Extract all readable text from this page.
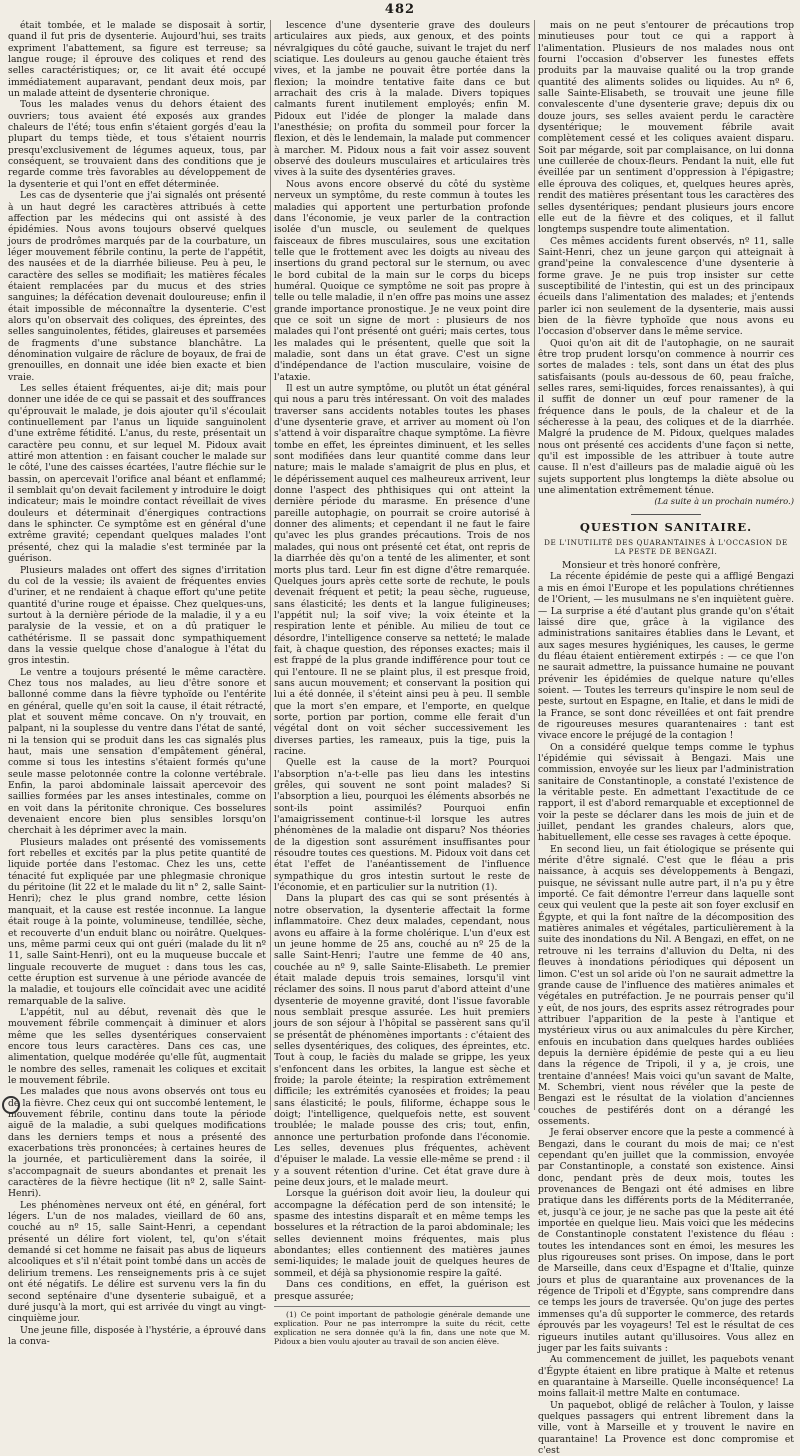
482

était tombée, et le malade se disposait à sortir, quand il fut pris de dysenterie. Aujourd'hui, ses traits expriment l'abattement, sa figure est terreuse; sa langue rouge; il éprouve des coliques et rend des selles caractéristiques; or, ce lit avait été occupé immédiatement auparavant, pendant deux mois, par un malade atteint de dysenterie chronique.

Tous les malades venus du dehors étaient des ouvriers; tous avaient été exposés aux grandes chaleurs de l'été; tous enfin s'étaient gorgés d'eau la plupart du temps tiède, et tous s'étaient nourris presqu'exclusivement de légumes aqueux, tous, par conséquent, se trouvaient dans des conditions que je regarde comme très favorables au développement de la dysenterie et qui l'ont en effet déterminée.

Les cas de dysenterie que j'ai signalés ont présenté à un haut degré les caractères attribués à cette affection par les médecins qui ont assisté à des épidémies. Nous avons toujours observé quelques jours de prodrômes marqués par de la courbature, un léger mouvement fébrile continu, la perte de l'appétit, des nausées et de la diarrhée bilieuse. Peu à peu, le caractère des selles se modifiait; les matières fécales étaient remplacées par du mucus et des stries sanguines; la défécation devenait douloureuse; enfin il était impossible de méconnaître la dysenterie. C'est alors qu'on observait des coliques, des épreintes, des selles sanguinolentes, fétides, glaireuses et parsemées de fragments d'une substance blanchâtre. La dénomination vulgaire de râclure de boyaux, de frai de grenouilles, en donnait une idée bien exacte et bien vraie.

Les selles étaient fréquentes, ai-je dit; mais pour donner une idée de ce qui se passait et des souffrances qu'éprouvait le malade, je dois ajouter qu'il s'écoulait continuellement par l'anus un liquide sanguinolent d'une extrême fétidité. L'anus, du reste, présentait un caractère peu connu, et sur lequel M. Pidoux avait attiré mon attention : en faisant coucher le malade sur le côté, l'une des caisses écartées, l'autre fléchie sur le bassin, on apercevait l'orifice anal béant et enflammé; il semblait qu'on devait facilement y introduire le doigt indicateur; mais le moindre contact réveillait de vives douleurs et déterminait d'énergiques contractions dans le sphincter. Ce symptôme est en général d'une extrême gravité; cependant quelques malades l'ont présenté, chez qui la maladie s'est terminée par la guérison.

Plusieurs malades ont offert des signes d'irritation du col de la vessie; ils avaient de fréquentes envies d'uriner, et ne rendaient à chaque effort qu'une petite quantité d'urine rouge et épaisse. Chez quelques-uns, surtout à la dernière période de la maladie, il y a eu paralysie de la vessie, et on a dû pratiquer le cathétérisme. Il se passait donc sympathiquement dans la vessie quelque chose d'analogue à l'état du gros intestin.

Le ventre a toujours présenté le même caractère. Chez tous nos malades, au lieu d'être sonore et ballonné comme dans la fièvre typhoïde ou l'entérite en général, quelle qu'en soit la cause, il était rétracté, plat et souvent même concave. On n'y trouvait, en palpant, ni la souplesse du ventre dans l'état de santé, ni la tension qui se produit dans les cas signalés plus haut, mais une sensation d'empâtement général, comme si tous les intestins s'étaient formés qu'une seule masse pelotonnée contre la colonne vertébrale. Enfin, la paroi abdominale laissait apercevoir des saillies formées par les anses intestinales, comme on en voit dans la péritonite chronique. Ces bosselures devenaient encore bien plus sensibles lorsqu'on cherchait à les déprimer avec la main.

Plusieurs malades ont présenté des vomissements fort rebelles et excités par la plus petite quantité de liquide portée dans l'estomac. Chez les uns, cette ténacité fut expliquée par une phlegmasie chronique du péritoine (lit 22 et le malade du lit n° 2, salle Saint-Henri); chez le plus grand nombre, cette lésion manquait, et la cause est restée inconnue. La langue était rouge à la pointe, volumineuse, tendillée, sèche, et recouverte d'un enduit blanc ou noirâtre. Quelques-uns, même parmi ceux qui ont guéri (malade du lit nº 11, salle Saint-Henri), ont eu la muqueuse buccale et linguale recouverte de muguet : dans tous les cas, cette éruption est survenue à une période avancée de la maladie, et toujours elle coïncidait avec une acidité remarquable de la salive.

L'appétit, nul au début, revenait dès que le mouvement fébrile commençait à diminuer et alors même que les selles dysentériques conservaient encore tous leurs caractères. Dans ces cas, une alimentation, quelque modérée qu'elle fût, augmentait le nombre des selles, ramenait les coliques et excitait le mouvement fébrile.

Les malades que nous avons observés ont tous eu de la fièvre. Chez ceux qui ont succombé lentement, le mouvement fébrile, continu dans toute la période aiguë de la maladie, a subi quelques modifications dans les derniers temps et nous a présenté des exacerbations très prononcées; à certaines heures de la journée, et particulièrement dans la soirée, il s'accompagnait de sueurs abondantes et prenait les caractères de la fièvre hectique (lit nº 2, salle Saint-Henri).

Les phénomènes nerveux ont été, en général, fort légers. L'un de nos malades, vieillard de 60 ans, couché au nº 15, salle Saint-Henri, a cependant présenté un délire fort violent, tel, qu'on s'était demandé si cet homme ne faisait pas abus de liqueurs alcooliques et s'il n'était point tombé dans un accès de delirium tremens. Les renseignements pris à ce sujet ont été négatifs. Le délire est survenu vers la fin du second septénaire d'une dysenterie subaiguë, et a duré jusqu'à la mort, qui est arrivée du vingt au vingt-cinquième jour.

Une jeune fille, disposée à l'hystérie, a éprouvé dans la conva-

lescence d'une dysenterie grave des douleurs articulaires aux pieds, aux genoux, et des points névralgiques du côté gauche, suivant le trajet du nerf sciatique. Les douleurs au genou gauche étaient très vives, et la jambe ne pouvait être portée dans la flexion; la moindre tentative faite dans ce but arrachait des cris à la malade. Divers topiques calmants furent inutilement employés; enfin M. Pidoux eut l'idée de plonger la malade dans l'anesthésie; on profita du sommeil pour forcer la flexion, et dès le lendemain, la malade put commencer à marcher. M. Pidoux nous a fait voir assez souvent observé des douleurs musculaires et articulaires très vives à la suite des dysentéries graves.

Nous avons encore observé du côté du système nerveux un symptôme, du reste commun à toutes les maladies qui apportent une perturbation profonde dans l'économie, je veux parler de la contraction isolée d'un muscle, ou seulement de quelques faisceaux de fibres musculaires, sous une excitation telle que le frottement avec les doigts au niveau des insertions du grand pectoral sur le sternum, ou avec le bord cubital de la main sur le corps du biceps huméral. Quoique ce symptôme ne soit pas propre à telle ou telle maladie, il n'en offre pas moins une assez grande importance pronostique. Je ne veux point dire que ce soit un signe de mort : plusieurs de nos malades qui l'ont présenté ont guéri; mais certes, tous les malades qui le présentent, quelle que soit la maladie, sont dans un état grave. C'est un signe d'indépendance de l'action musculaire, voisine de l'ataxie.

Il est un autre symptôme, ou plutôt un état général qui nous a paru très intéressant. On voit des malades traverser sans accidents notables toutes les phases d'une dysenterie grave, et arriver au moment où l'on s'attend à voir disparaître chaque symptôme. La fièvre tombe en effet, les épreintes diminuent, et les selles sont modifiées dans leur quantité comme dans leur nature; mais le malade s'amaigrit de plus en plus, et le dépérissement auquel ces malheureux arrivent, leur donne l'aspect des phthisiques qui ont atteint la dernière période du marasme. En présence d'une pareille autophagie, on pourrait se croire autorisé à donner des aliments; et cependant il ne faut le faire qu'avec les plus grandes précautions. Trois de nos malades, qui nous ont présenté cet état, ont repris de la diarrhée dès qu'on a tenté de les alimenter, et sont morts plus tard. Leur fin est digne d'être remarquée. Quelques jours après cette sorte de rechute, le pouls devenait fréquent et petit; la peau sèche, rugueuse, sans élasticité; les dents et la langue fuligineuses; l'appétit nul; la soif vive; la voix éteinte et la respiration lente et pénible. Au milieu de tout ce désordre, l'intelligence conserve sa netteté; le malade fait, à chaque question, des réponses exactes; mais il est frappé de la plus grande indifférence pour tout ce qui l'entoure. Il ne se plaint plus, il est presque froid, sans aucun mouvement; et conservant la position qui lui a été donnée, il s'éteint ainsi peu à peu. Il semble que la mort s'en empare, et l'emporte, en quelque sorte, portion par portion, comme elle ferait d'un végétal dont on voit sécher successivement les diverses parties, les rameaux, puis la tige, puis la racine.

Quelle est la cause de la mort? Pourquoi l'absorption n'a-t-elle pas lieu dans les intestins grêles, qui souvent ne sont point malades? Si l'absorption a lieu, pourquoi les éléments absorbés ne sont-ils point assimilés? Pourquoi enfin l'amaigrissement continue-t-il lorsque les autres phénomènes de la maladie ont disparu? Nos théories de la digestion sont assurément insuffisantes pour résoudre toutes ces questions. M. Pidoux voit dans cet état l'effet de l'anéantissement de l'influence sympathique du gros intestin surtout le reste de l'économie, et en particulier sur la nutrition (1).

Dans la plupart des cas qui se sont présentés à notre observation, la dysenterie affectait la forme inflammatoire. Chez deux malades, cependant, nous avons eu affaire à la forme cholérique. L'un d'eux est un jeune homme de 25 ans, couché au nº 25 de la salle Saint-Henri; l'autre une femme de 40 ans, couchée au nº 9, salle Sainte-Elisabeth. Le premier était malade depuis trois semaines, lorsqu'il vint réclamer des soins. Il nous parut d'abord atteint d'une dysenterie de moyenne gravité, dont l'issue favorable nous semblait presque assurée. Les huit premiers jours de son séjour à l'hôpital se passèrent sans qu'il se présentât de phénomènes importants : c'étaient des selles dysentériques, des coliques, des épreintes, etc. Tout à coup, le faciès du malade se grippe, les yeux s'enfoncent dans les orbites, la langue est sèche et froide; la parole éteinte; la respiration extrêmement difficile; les extrémités cyanosées et froides; la peau sans élasticité; le pouls, filiforme, échappe sous le doigt; l'intelligence, quelquefois nette, est souvent troublée; le malade pousse des cris; tout, enfin, annonce une perturbation profonde dans l'économie. Les selles, devenues plus fréquentes, achèvent d'épuiser le malade. La vessie elle-même se prend : il y a souvent rétention d'urine. Cet état grave dure à peine deux jours, et le malade meurt.

Lorsque la guérison doit avoir lieu, la douleur qui accompagne la défécation perd de son intensité; le spasme des intestins disparaît et en même temps les bosselures et la rétraction de la paroi abdominale; les selles deviennent moins fréquentes, mais plus abondantes; elles contiennent des matières jaunes semi-liquides; le malade jouit de quelques heures de sommeil, et déjà sa physionomie respire la gaîté.

Dans ces conditions, en effet, la guérison est presque assurée;

(1) Ce point important de pathologie générale demande une explication. Pour ne pas interrompre la suite du récit, cette explication ne sera donnée qu'à la fin, dans une note que M. Pidoux a bien voulu ajouter au travail de son ancien élève.

mais on ne peut s'entourer de précautions trop minutieuses pour tout ce qui a rapport à l'alimentation. Plusieurs de nos malades nous ont fourni l'occasion d'observer les funestes effets produits par la mauvaise qualité ou la trop grande quantité des aliments solides ou liquides. Au nº 6, salle Sainte-Elisabeth, se trouvait une jeune fille convalescente d'une dysenterie grave; depuis dix ou douze jours, ses selles avaient perdu le caractère dysentérique; le mouvement fébrile avait complètement cessé et les coliques avaient disparu. Soit par mégarde, soit par complaisance, on lui donna une cuillerée de choux-fleurs. Pendant la nuit, elle fut éveillée par un sentiment d'oppression à l'épigastre; elle éprouva des coliques, et, quelques heures après, rendit des matières présentant tous les caractères des selles dysentériques; pendant plusieurs jours encore elle eut de la fièvre et des coliques, et il fallut longtemps suspendre toute alimentation.

Ces mêmes accidents furent observés, nº 11, salle Saint-Henri, chez un jeune garçon qui atteignait à grand'peine la convalescence d'une dysenterie à forme grave. Je ne puis trop insister sur cette susceptibilité de l'intestin, qui est un des principaux écueils dans l'alimentation des malades; et j'entends parler ici non seulement de la dysenterie, mais aussi bien de la fièvre typhoïde que nous avons eu l'occasion d'observer dans le même service.

Quoi qu'on ait dit de l'autophagie, on ne saurait être trop prudent lorsqu'on commence à nourrir ces sortes de malades : tels, sont dans un état des plus satisfaisants (pouls au-dessous de 60, peau fraîche, selles rares, semi-liquides, forces renaissantes), à qui il suffit de donner un œuf pour ramener de la fréquence dans le pouls, de la chaleur et de la sécheresse à la peau, des coliques et de la diarrhée. Malgré la prudence de M. Pidoux, quelques malades nous ont présenté ces accidents d'une façon si nette, qu'il est impossible de les attribuer à toute autre cause. Il n'est d'ailleurs pas de maladie aiguë où les sujets supportent plus longtemps la diète absolue ou une alimentation extrêmement ténue.

(La suite à un prochain numéro.)

QUESTION SANITAIRE.

DE L'INUTILITÉ DES QUARANTAINES À L'OCCASION DE LA PESTE DE BENGAZI.

Monsieur et très honoré confrère,

La récente épidémie de peste qui a affligé Bengazi a mis en émoi l'Europe et les populations chrétiennes de l'Orient, — les musulmans ne s'en inquiètent guère. — La surprise a été d'autant plus grande qu'on s'était laissé dire que, grâce à la vigilance des administrations sanitaires établies dans le Levant, et aux sages mesures hygiéniques, les causes, le germe du fléau étaient entièrement extirpés : — ce que l'on ne saurait admettre, la puissance humaine ne pouvant prévenir les épidémies de quelque nature qu'elles soient. — Toutes les terreurs qu'inspire le nom seul de peste, surtout en Espagne, en Italie, et dans le midi de la France, se sont donc réveillées et ont fait prendre de rigoureuses mesures quarantenaires : tant est vivace encore le préjugé de la contagion !

On a considéré quelque temps comme le typhus l'épidémie qui sévissait à Bengazi. Mais une commission, envoyée sur les lieux par l'administration sanitaire de Constantinople, a constaté l'existence de la véritable peste. En admettant l'exactitude de ce rapport, il est d'abord remarquable et exceptionnel de voir la peste se déclarer dans les mois de juin et de juillet, pendant les grandes chaleurs, alors que, habituellement, elle cesse ses ravages à cette époque.

En second lieu, un fait étiologique se présente qui mérite d'être signalé. C'est que le fléau a pris naissance, à acquis ses développements à Bengazi, puisque, ne sévissant nulle autre part, il n'a pu y être importé. Ce fait démontre l'erreur dans laquelle sont ceux qui veulent que la peste ait son foyer exclusif en Égypte, et qui la font naître de la décomposition des matières animales et végétales, particulièrement à la suite des inondations du Nil. A Bengazi, en effet, on ne retrouve ni les terrains d'alluvion du Delta, ni des fleuves à inondations périodiques qui déposent un limon. C'est un sol aride où l'on ne saurait admettre la grande cause de l'influence des matières animales et végétales en putréfaction. Je ne pourrais penser qu'il y eût, de nos jours, des esprits assez rétrogrades pour attribuer l'apparition de la peste à l'antique et mystérieux virus ou aux animalcules du père Kircher, enfouis en incubation dans quelques hardes oubliées depuis la dernière épidémie de peste qui a eu lieu dans la régence de Tripoli, il y a, je crois, une trentaine d'années! Mais voici qu'un savant de Malte, M. Schembri, vient nous révéler que la peste de Bengazi est le résultat de la violation d'anciennes couches de pestiférés dont on a dérangé les ossements.

Je ferai observer encore que la peste a commencé à Bengazi, dans le courant du mois de mai; ce n'est cependant qu'en juillet que la commission, envoyée par Constantinople, a constaté son existence. Ainsi donc, pendant près de deux mois, toutes les provenances de Bengazi ont été admises en libre pratique dans les différents ports de la Méditerranée, et, jusqu'à ce jour, je ne sache pas que la peste ait été importée en quelque lieu. Mais voici que les médecins de Constantinople constatent l'existence du fléau : toutes les intendances sont en émoi, les mesures les plus rigoureuses sont prises. On impose, dans le port de Marseille, dans ceux d'Espagne et d'Italie, quinze jours et plus de quarantaine aux provenances de la régence de Tripoli et d'Égypte, sans comprendre dans ce temps les jours de traversée. Qu'on juge des pertes immenses qu'a dû supporter le commerce, des retards éprouvés par les voyageurs! Tel est le résultat de ces rigueurs inutiles autant qu'illusoires. Vous allez en juger par les faits suivants :

Au commencement de juillet, les paquebots venant d'Égypte étaient en libre pratique à Malte et retenus en quarantaine à Marseille. Quelle inconséquence! La moins fallait-il mettre Malte en contumace.

Un paquebot, obligé de relâcher à Toulon, y laisse quelques passagers qui entrent librement dans la ville, vont à Marseille et y trouvent le navire en quarantaine! La Provence est donc compromise et c'est
